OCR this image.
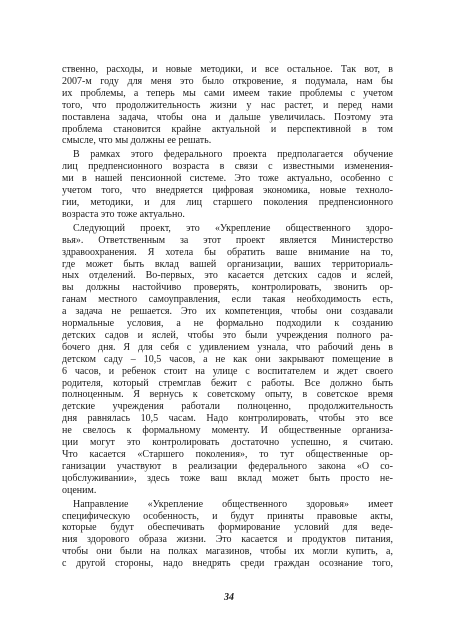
ственно, расходы, и новые методики, и все остальное. Так вот, в
2007-м году для меня это было откровение, я подумала, нам бы
их проблемы, а теперь мы сами имеем такие проблемы с учетом
того, что продолжительность жизни у нас растет, и перед нами
поставлена задача, чтобы она и дальше увеличилась. Поэтому эта
проблема становится крайне актуальной и перспективной в том
смысле, что мы должны ее решать.
В рамках этого федерального проекта предполагается обучение
лиц предпенсионного возраста в связи с известными изменения-
ми в нашей пенсионной системе. Это тоже актуально, особенно с
учетом того, что внедряется цифровая экономика, новые техноло-
гии, методики, и для лиц старшего поколения предпенсионного
возраста это тоже актуально.
Следующий проект, это «Укрепление общественного здоро-
вья». Ответственным за этот проект является Министерство
здравоохранения. Я хотела бы обратить ваше внимание на то,
где может быть вклад вашей организации, ваших территориаль-
ных отделений. Во-первых, это касается детских садов и яслей,
вы должны настойчиво проверять, контролировать, звонить ор-
ганам местного самоуправления, если такая необходимость есть,
а задача не решается. Это их компетенция, чтобы они создавали
нормальные условия, а не формально подходили к созданию
детских садов и яслей, чтобы это были учреждения полного ра-
бочего дня. Я для себя с удивлением узнала, что рабочий день в
детском саду – 10,5 часов, а не как они закрывают помещение в
6 часов, и ребенок стоит на улице с воспитателем и ждет своего
родителя, который стремглав бежит с работы. Все должно быть
полноценным. Я вернусь к советскому опыту, в советское время
детские учреждения работали полноценно, продолжительность
дня равнялась 10,5 часам. Надо контролировать, чтобы это все
не свелось к формальному моменту. И общественные организа-
ции могут это контролировать достаточно успешно, я считаю.
Что касается «Старшего поколения», то тут общественные ор-
ганизации участвуют в реализации федерального закона «О со-
цобслуживании», здесь тоже ваш вклад может быть просто не-
оценим.
Направление «Укрепление общественного здоровья» имеет
специфическую особенность, и будут приняты правовые акты,
которые будут обеспечивать формирование условий для веде-
ния здорового образа жизни. Это касается и продуктов питания,
чтобы они были на полках магазинов, чтобы их могли купить, а,
с другой стороны, надо внедрять среди граждан осознание того,
34
